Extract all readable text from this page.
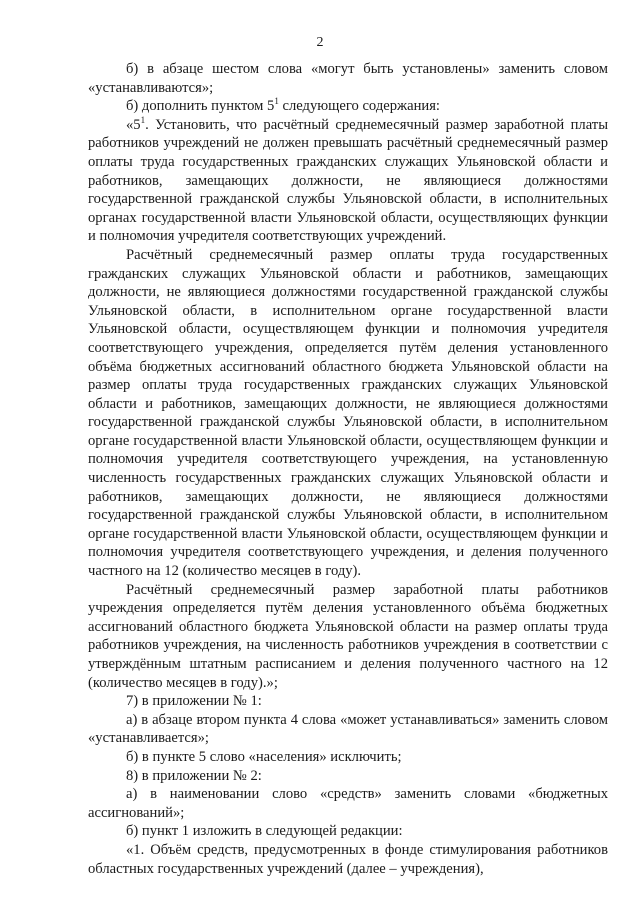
2

б) в абзаце шестом слова «могут быть установлены» заменить словом «устанавливаются»;

б) дополнить пунктом $5^1$ следующего содержания:

«$5^1$. Установить, что расчётный среднемесячный размер заработной платы работников учреждений не должен превышать расчётный среднемесячный размер оплаты труда государственных гражданских служащих Ульяновской области и работников, замещающих должности, не являющиеся должностями государственной гражданской службы Ульяновской области, в исполнительных органах государственной власти Ульяновской области, осуществляющих функции и полномочия учредителя соответствующих учреждений.

Расчётный среднемесячный размер оплаты труда государственных гражданских служащих Ульяновской области и работников, замещающих должности, не являющиеся должностями государственной гражданской службы Ульяновской области, в исполнительном органе государственной власти Ульяновской области, осуществляющем функции и полномочия учредителя соответствующего учреждения, определяется путём деления установленного объёма бюджетных ассигнований областного бюджета Ульяновской области на размер оплаты труда государственных гражданских служащих Ульяновской области и работников, замещающих должности, не являющиеся должностями государственной гражданской службы Ульяновской области, в исполнительном органе государственной власти Ульяновской области, осуществляющем функции и полномочия учредителя соответствующего учреждения, на установленную численность государственных гражданских служащих Ульяновской области и работников, замещающих должности, не являющиеся должностями государственной гражданской службы Ульяновской области, в исполнительном органе государственной власти Ульяновской области, осуществляющем функции и полномочия учредителя соответствующего учреждения, и деления полученного частного на 12 (количество месяцев в году).

Расчётный среднемесячный размер заработной платы работников учреждения определяется путём деления установленного объёма бюджетных ассигнований областного бюджета Ульяновской области на размер оплаты труда работников учреждения, на численность работников учреждения в соответствии с утверждённым штатным расписанием и деления полученного частного на 12 (количество месяцев в году).»;

7) в приложении № 1:

а) в абзаце втором пункта 4 слова «может устанавливаться» заменить словом «устанавливается»;

б) в пункте 5 слово «населения» исключить;

8) в приложении № 2:

а) в наименовании слово «средств» заменить словами «бюджетных ассигнований»;

б) пункт 1 изложить в следующей редакции:

«1. Объём средств, предусмотренных в фонде стимулирования работников областных государственных учреждений (далее – учреждения),
